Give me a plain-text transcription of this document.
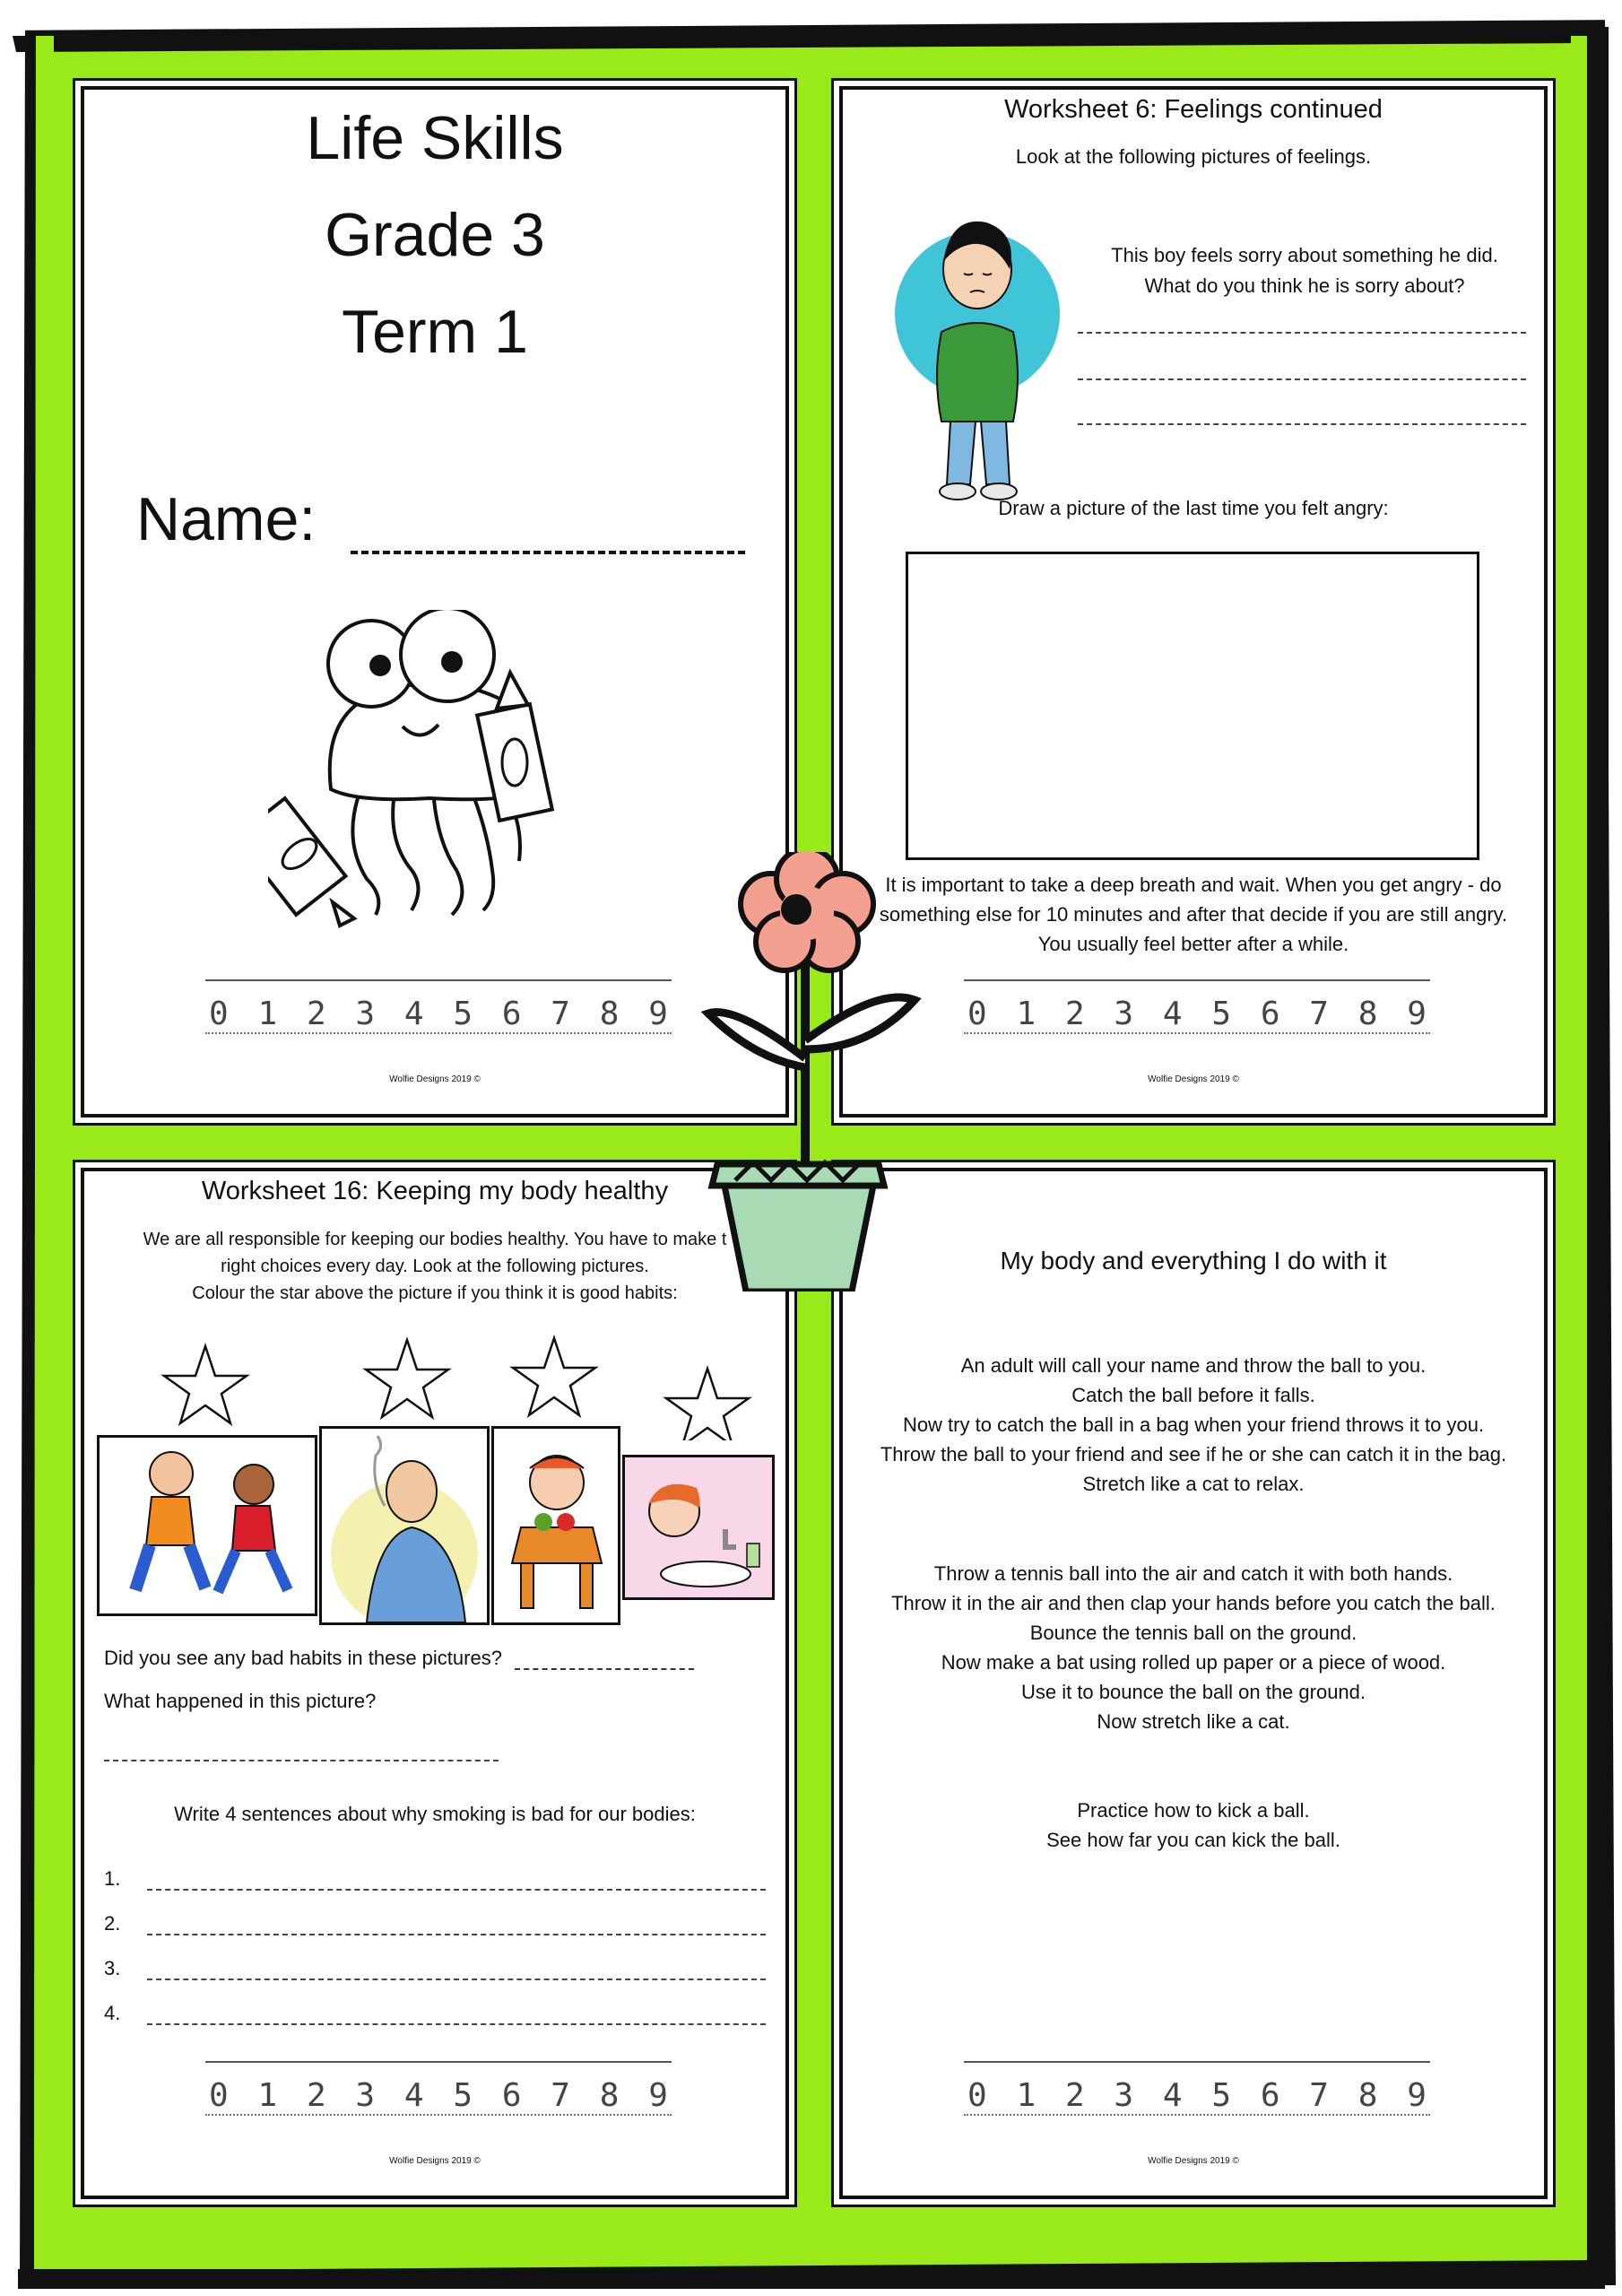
Life Skills
Grade 3
Term 1
Name:
0 1 2 3 4 5 6 7 8 9
Wolfie Designs 2019 ©
Worksheet 6: Feelings continued
Look at the following pictures of feelings.
This boy feels sorry about something he did.
What do you think he is sorry about?
Draw a picture of the last time you felt angry:
It is important to take a deep breath and wait. When you get angry - do
something else for 10 minutes and after that decide if you are still angry.
You usually feel better after a while.
0 1 2 3 4 5 6 7 8 9
Wolfie Designs 2019 ©
Worksheet 16: Keeping my body healthy
We are all responsible for keeping our bodies healthy. You have to make t
right choices every day. Look at the following pictures.
Colour the star above the picture if you think it is good habits:
Did you see any bad habits in these pictures?
What happened in this picture?
Write 4 sentences about why smoking is bad for our bodies:
1.
2.
3.
4.
0 1 2 3 4 5 6 7 8 9
Wolfie Designs 2019 ©
My body and everything I do with it
An adult will call your name and throw the ball to you.
Catch the ball before it falls.
Now try to catch the ball in a bag when your friend throws it to you.
Throw the ball to your friend and see if he or she can catch it in the bag.
Stretch like a cat to relax.
Throw a tennis ball into the air and catch it with both hands.
Throw it in the air and then clap your hands before you catch the ball.
Bounce the tennis ball on the ground.
Now make a bat using rolled up paper or a piece of wood.
Use it to bounce the ball on the ground.
Now stretch like a cat.
Practice how to kick a ball.
See how far you can kick the ball.
0 1 2 3 4 5 6 7 8 9
Wolfie Designs 2019 ©
